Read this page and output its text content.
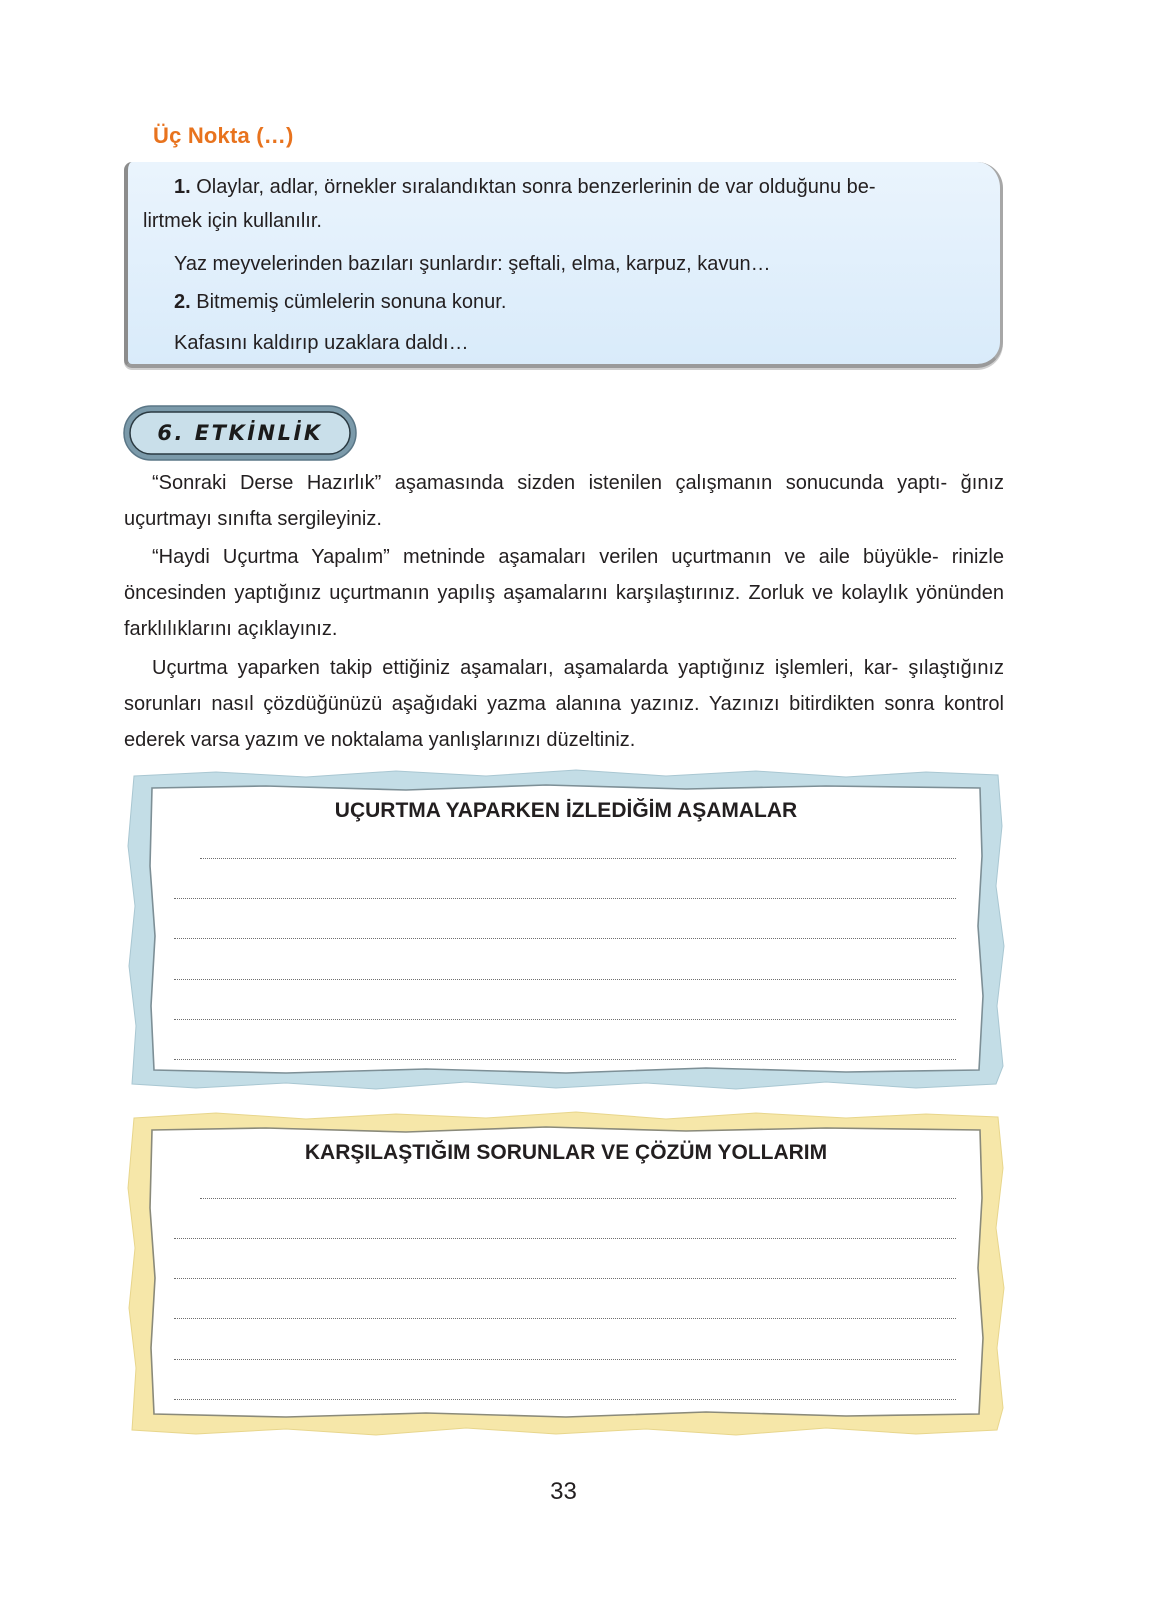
Üç Nokta (…)
1. Olaylar, adlar, örnekler sıralandıktan sonra benzerlerinin de var olduğunu be-
lirtmek için kullanılır.
Yaz meyvelerinden bazıları şunlardır: şeftali, elma, karpuz, kavun…
2. Bitmemiş cümlelerin sonuna konur.
Kafasını kaldırıp uzaklara daldı…
6. ETKİNLİK
“Sonraki Derse Hazırlık” aşamasında sizden istenilen çalışmanın sonucunda yaptı- ğınız uçurtmayı sınıfta sergileyiniz.
“Haydi Uçurtma Yapalım” metninde aşamaları verilen uçurtmanın ve aile büyükle- rinizle öncesinden yaptığınız uçurtmanın yapılış aşamalarını karşılaştırınız. Zorluk ve kolaylık yönünden farklılıklarını açıklayınız.
Uçurtma yaparken takip ettiğiniz aşamaları, aşamalarda yaptığınız işlemleri, kar- şılaştığınız sorunları nasıl çözdüğünüzü aşağıdaki yazma alanına yazınız. Yazınızı bitirdikten sonra kontrol ederek varsa yazım ve noktalama yanlışlarınızı düzeltiniz.
UÇURTMA YAPARKEN İZLEDİĞİM AŞAMALAR
KARŞILAŞTIĞIM SORUNLAR VE ÇÖZÜM YOLLARIM
33
